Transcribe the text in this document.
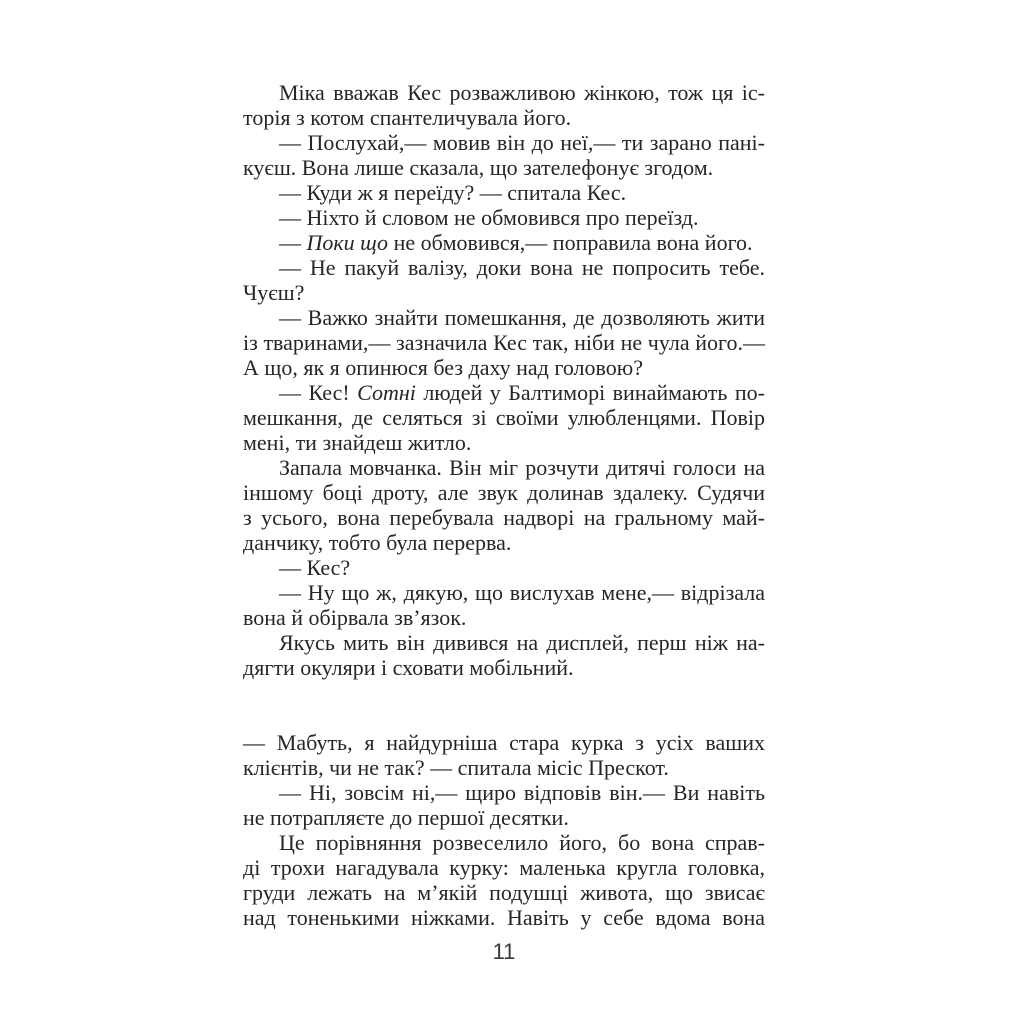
Міка вважав Кес розважливою жінкою, тож ця іс-
торія з котом спантеличувала його.
— Послухай,— мовив він до неї,— ти зарано пані-
куєш. Вона лише сказала, що зателефонує згодом.
— Куди ж я переїду? — спитала Кес.
— Ніхто й словом не обмовився про переїзд.
— Поки що не обмовився,— поправила вона його.
— Не пакуй валізу, доки вона не попросить тебе.
Чуєш?
— Важко знайти помешкання, де дозволяють жити
із тваринами,— зазначила Кес так, ніби не чула його.—
А що, як я опинюся без даху над головою?
— Кес! Сотні людей у Балтиморі винаймають по-
мешкання, де селяться зі своїми улюбленцями. Повір
мені, ти знайдеш житло.
Запала мовчанка. Він міг розчути дитячі голоси на
іншому боці дроту, але звук долинав здалеку. Судячи
з усього, вона перебувала надворі на гральному май-
данчику, тобто була перерва.
— Кес?
— Ну що ж, дякую, що вислухав мене,— відрізала
вона й обірвала зв’язок.
Якусь мить він дивився на дисплей, перш ніж на-
дягти окуляри і сховати мобільний.
— Мабуть, я найдурніша стара курка з усіх ваших
клієнтів, чи не так? — спитала місіс Прескот.
— Ні, зовсім ні,— щиро відповів він.— Ви навіть
не потрапляєте до першої десятки.
Це порівняння розвеселило його, бо вона справ-
ді трохи нагадувала курку: маленька кругла головка,
груди лежать на м’якій подушці живота, що звисає
над тоненькими ніжками. Навіть у себе вдома вона
11
